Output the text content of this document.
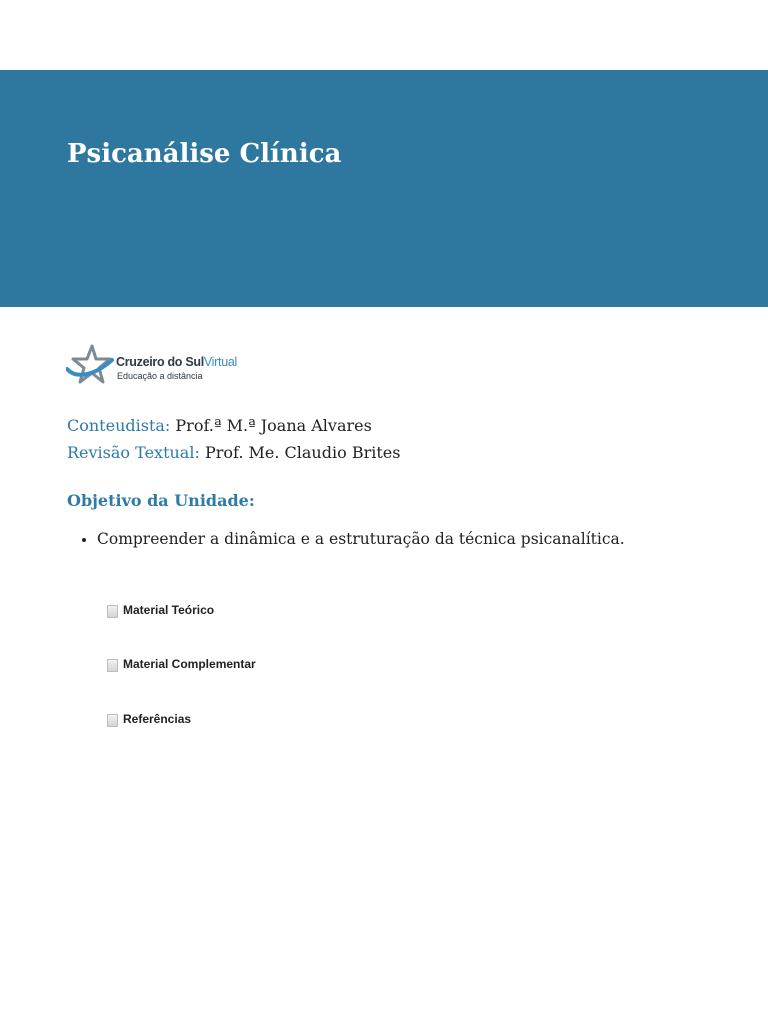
Psicanálise Clínica
Cruzeiro do SulVirtual
Educação a distância

Conteudista: Prof.ª M.ª Joana Alvares

Revisão Textual: Prof. Me. Claudio Brites

Objetivo da Unidade:
Compreender a dinâmica e a estruturação da técnica psicanalítica.
Material Teórico
Material Complementar
Referências
